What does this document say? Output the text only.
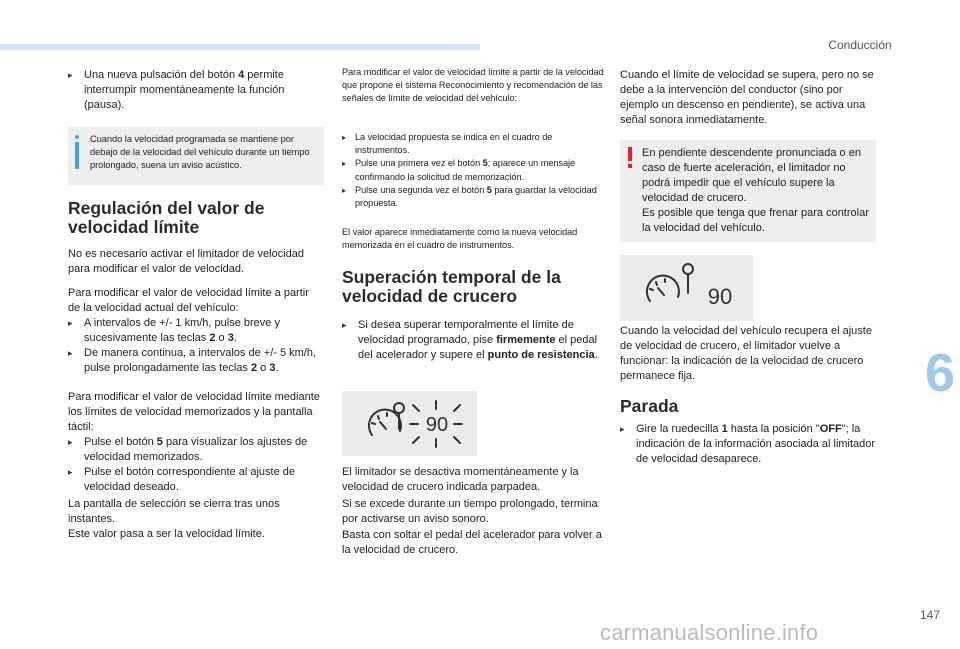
Conducción
▸ Una nueva pulsación del botón 4 permite interrumpir momentáneamente la función (pausa).

Cuando la velocidad programada se mantiene por debajo de la velocidad del vehículo durante un tiempo prolongado, suena un aviso acústico.

Regulación del valor de velocidad límite

No es necesario activar el limitador de velocidad para modificar el valor de velocidad.

Para modificar el valor de velocidad límite a partir de la velocidad actual del vehículo:

▸ A intervalos de +/- 1 km/h, pulse breve y sucesivamente las teclas 2 o 3.
▸ De manera continua, a intervalos de +/- 5 km/h, pulse prolongadamente las teclas 2 o 3.

Para modificar el valor de velocidad límite mediante los límites de velocidad memorizados y la pantalla táctil:

▸ Pulse el botón 5 para visualizar los ajustes de velocidad memorizados.
▸ Pulse el botón correspondiente al ajuste de velocidad deseado.

La pantalla de selección se cierra tras unos instantes.

Este valor pasa a ser la velocidad límite.

Para modificar el valor de velocidad límite a partir de la velocidad que propone el sistema Reconocimiento y recomendación de las señales de límite de velocidad del vehículo:

▸ La velocidad propuesta se indica en el cuadro de instrumentos.
▸ Pulse una primera vez el botón 5; aparece un mensaje confirmando la solicitud de memorización.
▸ Pulse una segunda vez el botón 5 para guardar la velocidad propuesta.

El valor aparece inmediatamente como la nueva velocidad memorizada en el cuadro de instrumentos.

Superación temporal de la velocidad de crucero
▸ Si desea superar temporalmente el límite de velocidad programado, pise firmemente el pedal del acelerador y supere el punto de resistencia.
90

El limitador se desactiva momentáneamente y la velocidad de crucero indicada parpadea.

Si se excede durante un tiempo prolongado, termina por activarse un aviso sonoro.

Basta con soltar el pedal del acelerador para volver a la velocidad de crucero.

Cuando el límite de velocidad se supera, pero no se debe a la intervención del conductor (sino por ejemplo un descenso en pendiente), se activa una señal sonora inmediatamente.

En pendiente descendente pronunciada o en caso de fuerte aceleración, el limitador no podrá impedir que el vehículo supere la velocidad de crucero.

Es posible que tenga que frenar para controlar la velocidad del vehículo.

90

Cuando la velocidad del vehículo recupera el ajuste de velocidad de crucero, el limitador vuelve a funcionar: la indicación de la velocidad de crucero permanece fija.

Parada
▸ Gire la ruedecilla 1 hasta la posición "OFF"; la indicación de la información asociada al limitador de velocidad desaparece.
6
147
carmanualsonline.info
